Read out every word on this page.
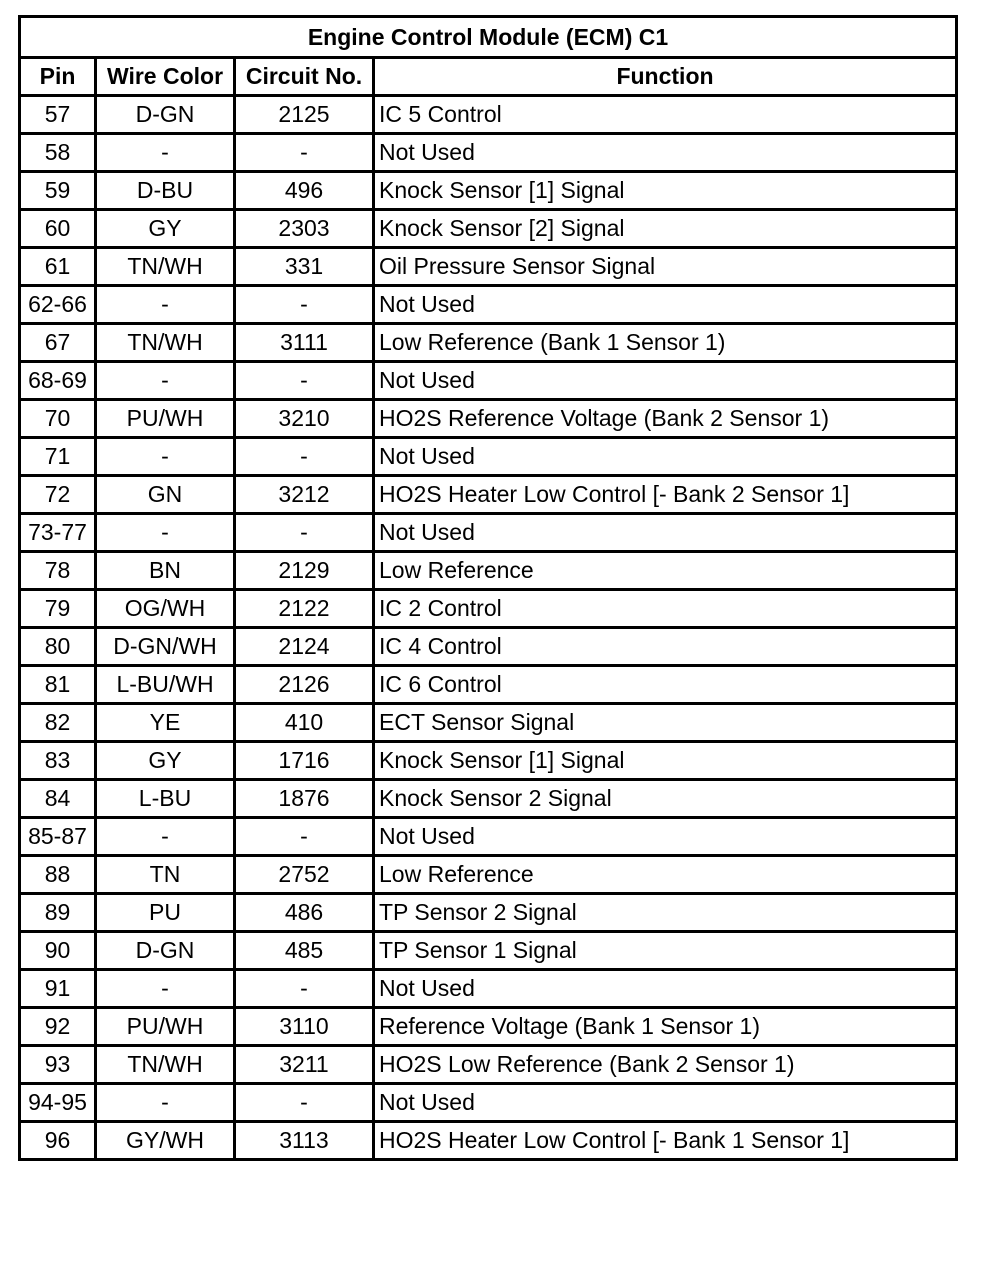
Engine Control Module (ECM) C1			
Pin	Wire Color	Circuit No.	Function
57	D-GN	2125	IC 5 Control
58	-	-	Not Used
59	D-BU	496	Knock Sensor [1] Signal
60	GY	2303	Knock Sensor [2] Signal
61	TN/WH	331	Oil Pressure Sensor Signal
62-66	-	-	Not Used
67	TN/WH	3111	Low Reference (Bank 1 Sensor 1)
68-69	-	-	Not Used
70	PU/WH	3210	HO2S Reference Voltage (Bank 2 Sensor 1)
71	-	-	Not Used
72	GN	3212	HO2S Heater Low Control [- Bank 2 Sensor 1]
73-77	-	-	Not Used
78	BN	2129	Low Reference
79	OG/WH	2122	IC 2 Control
80	D-GN/WH	2124	IC 4 Control
81	L-BU/WH	2126	IC 6 Control
82	YE	410	ECT Sensor Signal
83	GY	1716	Knock Sensor [1] Signal
84	L-BU	1876	Knock Sensor 2 Signal
85-87	-	-	Not Used
88	TN	2752	Low Reference
89	PU	486	TP Sensor 2 Signal
90	D-GN	485	TP Sensor 1 Signal
91	-	-	Not Used
92	PU/WH	3110	Reference Voltage (Bank 1 Sensor 1)
93	TN/WH	3211	HO2S Low Reference (Bank 2 Sensor 1)
94-95	-	-	Not Used
96	GY/WH	3113	HO2S Heater Low Control [- Bank 1 Sensor 1]
